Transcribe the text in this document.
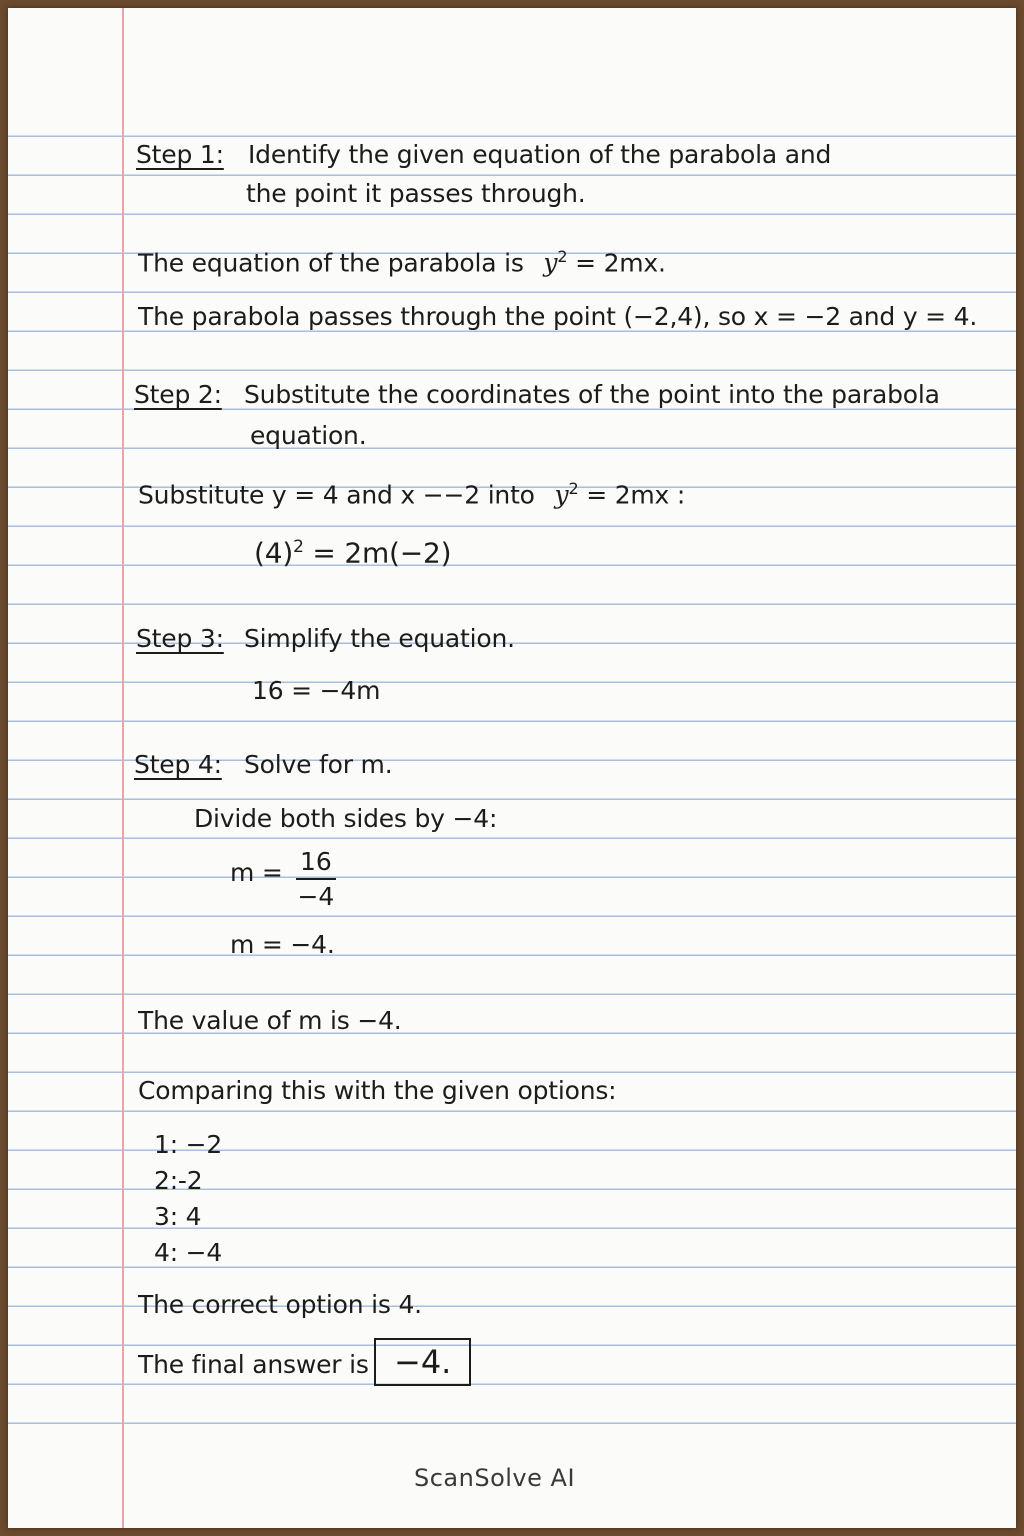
Step 1: Identify the given equation of the parabola and
the point it passes through.
The equation of the parabola is $y^2 = 2mx$.
The parabola passes through the point (−2,4), so x = −2 and y = 4.
Step 2: Substitute the coordinates of the point into the parabola
equation.
Substitute y = 4 and x −−2 into $y^2 = 2mx$ :
$(4)^2 = 2m(-2)$
Step 3: Simplify the equation.
16 = −4m
Step 4: Solve for m.
Divide both sides by −4:
$m = \frac{16}{-4}$
m = −4.
The value of m is −4.
Comparing this with the given options:
1: −2
2:-2
3: 4
4: −4
The correct option is 4.
The final answer is −4.
ScanSolve AI
